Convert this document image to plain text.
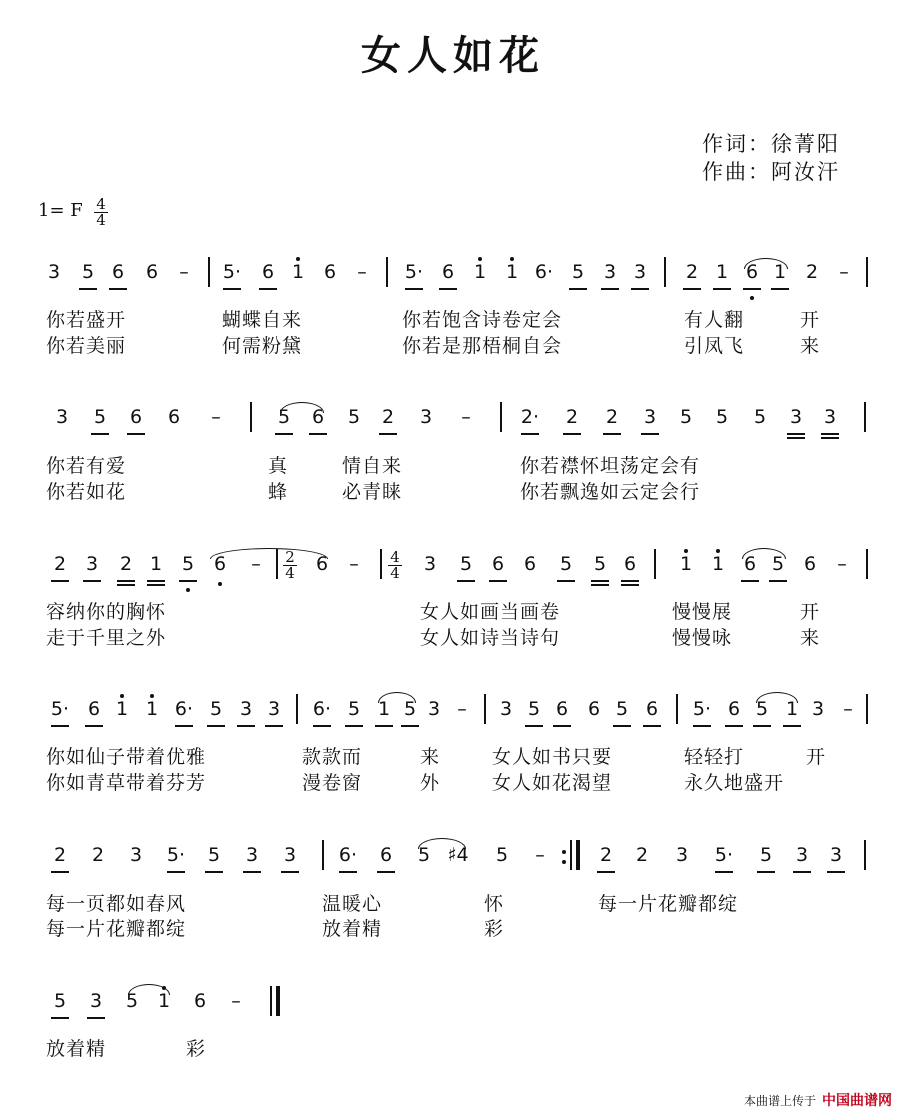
女人如花
作词：徐菁阳
作曲：阿汝汗
1= F $\frac{4}{4}$
3 5 6 6 – 5· 6 1 6 – 5· 6 1 1 6· 5 3 3 2 1 6 1 2 –
3 5 6 6 –	5 6 5 2 3 –	2· 2 2 3 5 5 5 3 3
2 3 2 1 5 6 –	6 –	3 5 6 6 5 5 6 1 1 6 5 6 –
5· 6 1 1 6· 5 3 3 6· 5 1 5 3 – 3 5 6 6 5 6 5· 6 5 1 3 –
2 2 3 5· 5 3 3 6· 6 5 ♯4 5 –	2 2 3 5· 5 3 3
5 3 5 1 6 –
你若盛开	蝴蝶自来	你若饱含诗卷定会	有人翻	开
你若美丽	何需粉黛	你若是那梧桐自会	引凤飞	来
你若有爱	真	情自来	你若襟怀坦荡定会有
你若如花	蜂	必青睐	你若飘逸如云定会行
容纳你的胸怀	女人如画当画卷	慢慢展	开
走于千里之外	女人如诗当诗句	慢慢咏	来
你如仙子带着优雅	款款而	来	女人如书只要	轻轻打	开
你如青草带着芬芳	漫卷窗	外	女人如花渴望	永久地盛开
每一页都如春风	温暖心	怀	每一片花瓣都绽
每一片花瓣都绽	放着精	彩
放着精	彩
$\frac{2}{4}$	$\frac{4}{4}$
本曲谱上传于 中国曲谱网
